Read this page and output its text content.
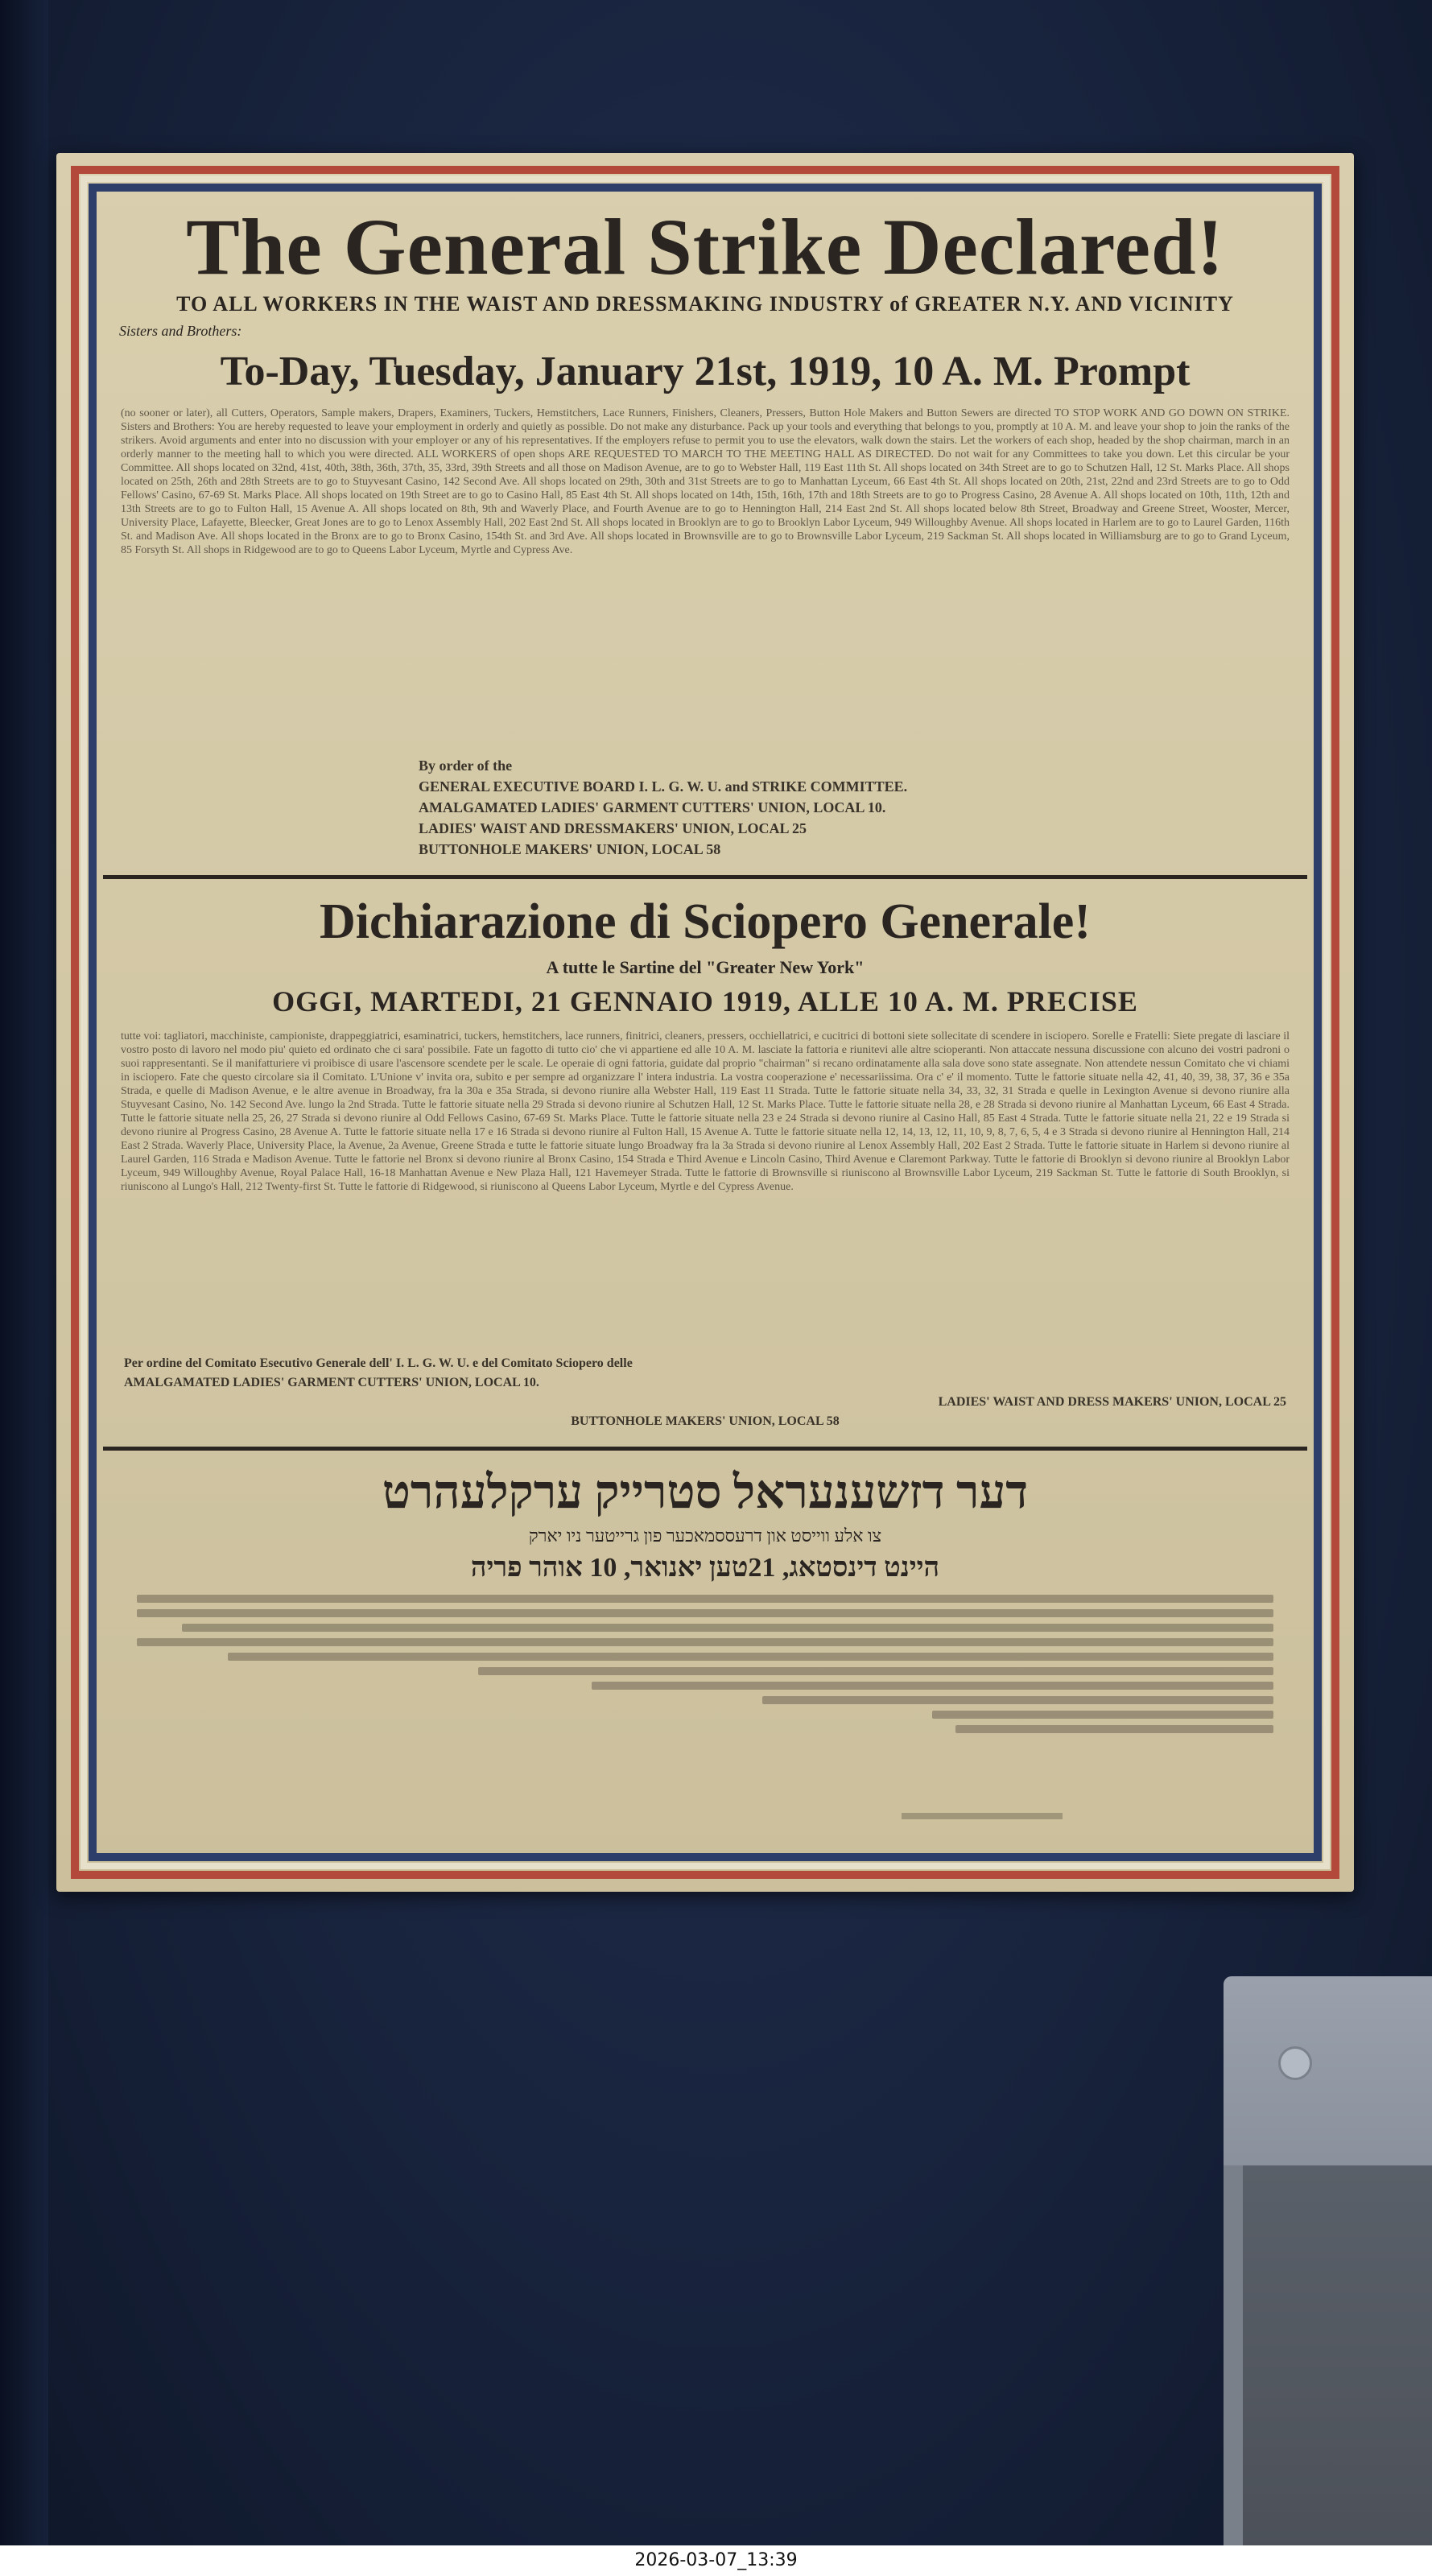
The General Strike Declared!
TO ALL WORKERS IN THE WAIST AND DRESSMAKING INDUSTRY of GREATER N.Y. AND VICINITY
Sisters and Brothers:
To-Day, Tuesday, January 21st, 1919, 10 A. M. Prompt
(no sooner or later), all Cutters, Operators, Sample makers, Drapers, Examiners, Tuckers, Hemstitchers, Lace Runners, Finishers, Cleaners, Pressers, Button Hole Makers and Button Sewers are directed TO STOP WORK AND GO DOWN ON STRIKE. Sisters and Brothers: You are hereby requested to leave your employment in orderly and quietly as possible. Do not make any disturbance. Pack up your tools and everything that belongs to you, promptly at 10 A. M. and leave your shop to join the ranks of the strikers. Avoid arguments and enter into no discussion with your employer or any of his representatives. If the employers refuse to permit you to use the elevators, walk down the stairs. Let the workers of each shop, headed by the shop chairman, march in an orderly manner to the meeting hall to which you were directed. ALL WORKERS of open shops ARE REQUESTED TO MARCH TO THE MEETING HALL AS DIRECTED. Do not wait for any Committees to take you down. Let this circular be your Committee. All shops located on 32nd, 41st, 40th, 38th, 36th, 37th, 35, 33rd, 39th Streets and all those on Madison Avenue, are to go to Webster Hall, 119 East 11th St. All shops located on 34th Street are to go to Schutzen Hall, 12 St. Marks Place. All shops located on 25th, 26th and 28th Streets are to go to Stuyvesant Casino, 142 Second Ave. All shops located on 29th, 30th and 31st Streets are to go to Manhattan Lyceum, 66 East 4th St. All shops located on 20th, 21st, 22nd and 23rd Streets are to go to Odd Fellows' Casino, 67-69 St. Marks Place. All shops located on 19th Street are to go to Casino Hall, 85 East 4th St. All shops located on 14th, 15th, 16th, 17th and 18th Streets are to go to Progress Casino, 28 Avenue A. All shops located on 10th, 11th, 12th and 13th Streets are to go to Fulton Hall, 15 Avenue A. All shops located on 8th, 9th and Waverly Place, and Fourth Avenue are to go to Hennington Hall, 214 East 2nd St. All shops located below 8th Street, Broadway and Greene Street, Wooster, Mercer, University Place, Lafayette, Bleecker, Great Jones are to go to Lenox Assembly Hall, 202 East 2nd St. All shops located in Brooklyn are to go to Brooklyn Labor Lyceum, 949 Willoughby Avenue. All shops located in Harlem are to go to Laurel Garden, 116th St. and Madison Ave. All shops located in the Bronx are to go to Bronx Casino, 154th St. and 3rd Ave. All shops located in Brownsville are to go to Brownsville Labor Lyceum, 219 Sackman St. All shops located in Williamsburg are to go to Grand Lyceum, 85 Forsyth St. All shops in Ridgewood are to go to Queens Labor Lyceum, Myrtle and Cypress Ave.
By order of the
GENERAL EXECUTIVE BOARD I. L. G. W. U. and STRIKE COMMITTEE.
AMALGAMATED LADIES' GARMENT CUTTERS' UNION, LOCAL 10.
LADIES' WAIST AND DRESSMAKERS' UNION, LOCAL 25
BUTTONHOLE MAKERS' UNION, LOCAL 58
Dichiarazione di Sciopero Generale!
A tutte le Sartine del "Greater New York"
OGGI, MARTEDI, 21 GENNAIO 1919, ALLE 10 A. M. PRECISE
tutte voi: tagliatori, macchiniste, campioniste, drappeggiatrici, esaminatrici, tuckers, hemstitchers, lace runners, finitrici, cleaners, pressers, occhiellatrici, e cucitrici di bottoni siete sollecitate di scendere in isciopero. Sorelle e Fratelli: Siete pregate di lasciare il vostro posto di lavoro nel modo piu' quieto ed ordinato che ci sara' possibile. Fate un fagotto di tutto cio' che vi appartiene ed alle 10 A. M. lasciate la fattoria e riunitevi alle altre scioperanti. Non attaccate nessuna discussione con alcuno dei vostri padroni o suoi rappresentanti. Se il manifatturiere vi proibisce di usare l'ascensore scendete per le scale. Le operaie di ogni fattoria, guidate dal proprio "chairman" si recano ordinatamente alla sala dove sono state assegnate. Non attendete nessun Comitato che vi chiami in isciopero. Fate che questo circolare sia il Comitato. L'Unione v' invita ora, subito e per sempre ad organizzare l' intera industria. La vostra cooperazione e' necessariissima. Ora c' e' il momento. Tutte le fattorie situate nella 42, 41, 40, 39, 38, 37, 36 e 35a Strada, e quelle di Madison Avenue, e le altre avenue in Broadway, fra la 30a e 35a Strada, si devono riunire alla Webster Hall, 119 East 11 Strada. Tutte le fattorie situate nella 34, 33, 32, 31 Strada e quelle in Lexington Avenue si devono riunire alla Stuyvesant Casino, No. 142 Second Ave. lungo la 2nd Strada. Tutte le fattorie situate nella 29 Strada si devono riunire al Schutzen Hall, 12 St. Marks Place. Tutte le fattorie situate nella 28, e 28 Strada si devono riunire al Manhattan Lyceum, 66 East 4 Strada. Tutte le fattorie situate nella 25, 26, 27 Strada si devono riunire al Odd Fellows Casino, 67-69 St. Marks Place. Tutte le fattorie situate nella 23 e 24 Strada si devono riunire al Casino Hall, 85 East 4 Strada. Tutte le fattorie situate nella 21, 22 e 19 Strada si devono riunire al Progress Casino, 28 Avenue A. Tutte le fattorie situate nella 17 e 16 Strada si devono riunire al Fulton Hall, 15 Avenue A. Tutte le fattorie situate nella 12, 14, 13, 12, 11, 10, 9, 8, 7, 6, 5, 4 e 3 Strada si devono riunire al Hennington Hall, 214 East 2 Strada. Waverly Place, University Place, la Avenue, 2a Avenue, Greene Strada e tutte le fattorie situate lungo Broadway fra la 3a Strada si devono riunire al Lenox Assembly Hall, 202 East 2 Strada. Tutte le fattorie situate in Harlem si devono riunire al Laurel Garden, 116 Strada e Madison Avenue. Tutte le fattorie nel Bronx si devono riunire al Bronx Casino, 154 Strada e Third Avenue e Lincoln Casino, Third Avenue e Claremont Parkway. Tutte le fattorie di Brooklyn si devono riunire al Brooklyn Labor Lyceum, 949 Willoughby Avenue, Royal Palace Hall, 16-18 Manhattan Avenue e New Plaza Hall, 121 Havemeyer Strada. Tutte le fattorie di Brownsville si riuniscono al Brownsville Labor Lyceum, 219 Sackman St. Tutte le fattorie di South Brooklyn, si riuniscono al Lungo's Hall, 212 Twenty-first St. Tutte le fattorie di Ridgewood, si riuniscono al Queens Labor Lyceum, Myrtle e del Cypress Avenue.
Per ordine del Comitato Esecutivo Generale dell' I. L. G. W. U. e del Comitato Sciopero delle
AMALGAMATED LADIES' GARMENT CUTTERS' UNION, LOCAL 10.
LADIES' WAIST AND DRESS MAKERS' UNION, LOCAL 25
BUTTONHOLE MAKERS' UNION, LOCAL 58
דער דזשענעראל סטרייק ערקלעהרט
צו אלע ווייסט און דרעססמאכער פון גרייטער ניו יארק
היינט דינסטאג, 21טען יאנואר, 10 אוהר פריה
2026-03-07_13:39
